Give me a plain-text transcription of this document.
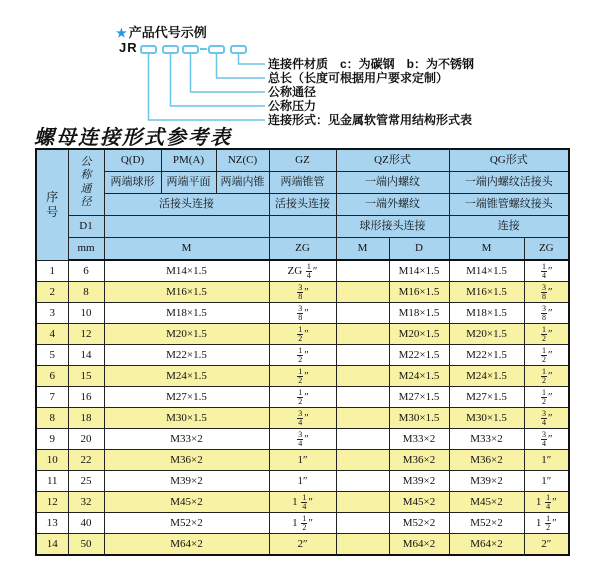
★ 产品代号示例
JR
连接件材质　c：为碳钢　b：为不锈钢
总长（长度可根据用户要求定制）
公称通径
公称压力
连接形式：见金属软管常用结构形式表
螺母连接形式参考表
序
号	公
称
通
径	Q(D)	PM(A)	NZ(C)	GZ	QZ形式		QG形式	
		两端球形	两端平面	两端内锥	两端锥管	一端内螺纹		一端内螺纹活接头	
		活接头连接			活接头连接	一端外螺纹		一端锥管螺纹接头	
	D1					球形接头连接		连接	
	mm	M			ZG	M	D	M	ZG
1	6	M14×1.5			ZG $\frac{1}{4}$ ″		M14×1.5	M14×1.5	$\frac{1}{4}$ ″
2	8	M16×1.5			$\frac{3}{8}$ ″		M16×1.5	M16×1.5	$\frac{3}{8}$ ″
3	10	M18×1.5			$\frac{3}{8}$ ″		M18×1.5	M18×1.5	$\frac{3}{8}$ ″
4	12	M20×1.5			$\frac{1}{2}$ ″		M20×1.5	M20×1.5	$\frac{1}{2}$ ″
5	14	M22×1.5			$\frac{1}{2}$ ″		M22×1.5	M22×1.5	$\frac{1}{2}$ ″
6	15	M24×1.5			$\frac{1}{2}$ ″		M24×1.5	M24×1.5	$\frac{1}{2}$ ″
7	16	M27×1.5			$\frac{1}{2}$ ″		M27×1.5	M27×1.5	$\frac{1}{2}$ ″
8	18	M30×1.5			$\frac{3}{4}$ ″		M30×1.5	M30×1.5	$\frac{3}{4}$ ″
9	20	M33×2			$\frac{3}{4}$ ″		M33×2	M33×2	$\frac{3}{4}$ ″
10	22	M36×2			1″		M36×2	M36×2	1″
11	25	M39×2			1″		M39×2	M39×2	1″
12	32	M45×2			$1 \frac{1}{4}$ ″		M45×2	M45×2	$1 \frac{1}{4}$ ″
13	40	M52×2			$1 \frac{1}{2}$ ″		M52×2	M52×2	$1 \frac{1}{2}$ ″
14	50	M64×2			2″		M64×2	M64×2	2″
